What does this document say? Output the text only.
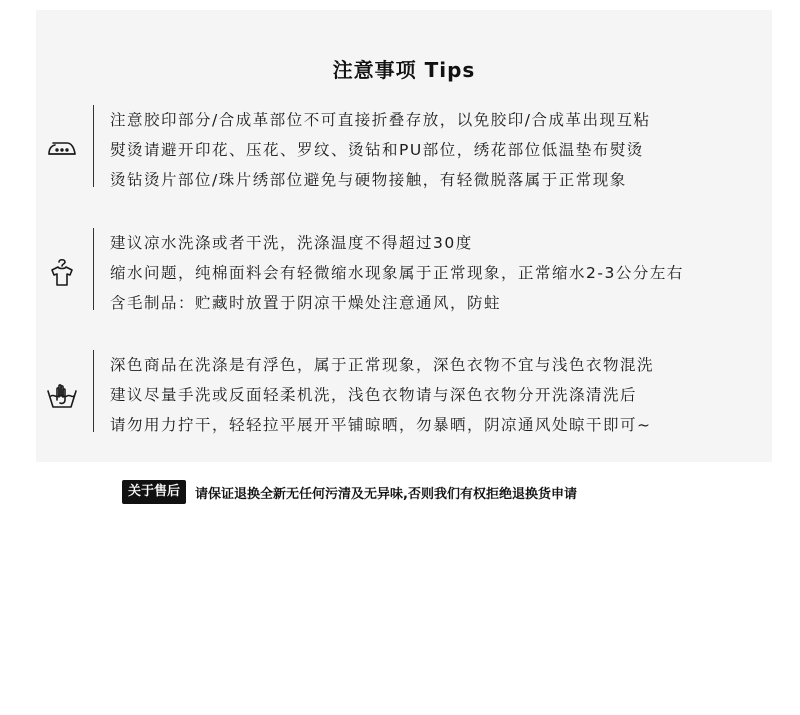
注意事项 Tips
注意胶印部分/合成革部位不可直接折叠存放，以免胶印/合成革出现互粘
熨烫请避开印花、压花、罗纹、烫钻和PU部位，绣花部位低温垫布熨烫
烫钻烫片部位/珠片绣部位避免与硬物接触，有轻微脱落属于正常现象
建议凉水洗涤或者干洗，洗涤温度不得超过30度
缩水问题，纯棉面料会有轻微缩水现象属于正常现象，正常缩水2-3公分左右
含毛制品：贮藏时放置于阴凉干燥处注意通风，防蛀
深色商品在洗涤是有浮色，属于正常现象，深色衣物不宜与浅色衣物混洗
建议尽量手洗或反面轻柔机洗，浅色衣物请与深色衣物分开洗涤清洗后
请勿用力拧干，轻轻拉平展开平铺晾晒，勿暴晒，阴凉通风处晾干即可~
关于售后	请保证退换全新无任何污清及无异味,否则我们有权拒绝退换货申请
